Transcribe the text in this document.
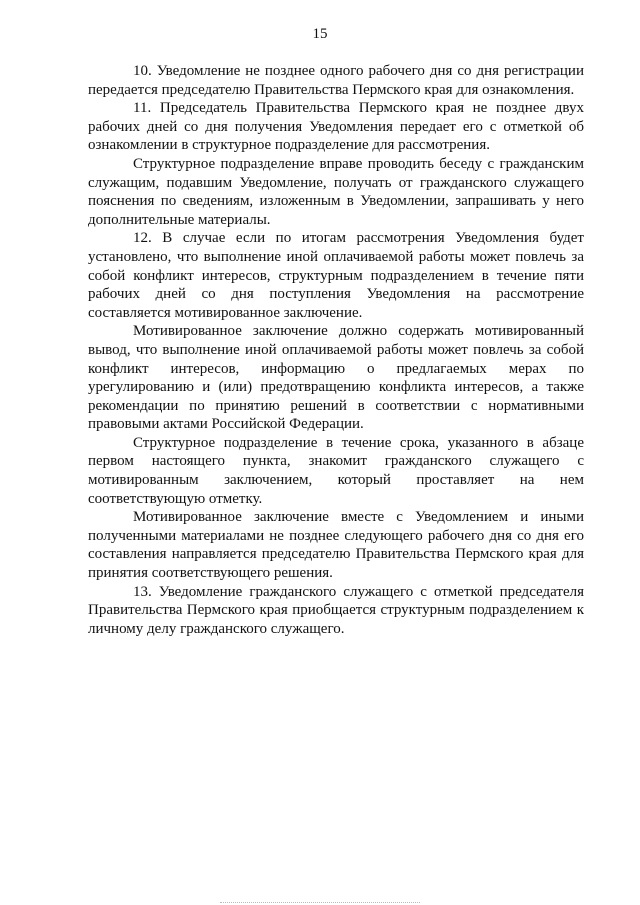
15

10. Уведомление не позднее одного рабочего дня со дня регистрации передается председателю Правительства Пермского края для ознакомления.

11. Председатель Правительства Пермского края не позднее двух рабочих дней со дня получения Уведомления передает его с отметкой об ознакомлении в структурное подразделение для рассмотрения.

Структурное подразделение вправе проводить беседу с гражданским служащим, подавшим Уведомление, получать от гражданского служащего пояснения по сведениям, изложенным в Уведомлении, запрашивать у него дополнительные материалы.

12. В случае если по итогам рассмотрения Уведомления будет установлено, что выполнение иной оплачиваемой работы может повлечь за собой конфликт интересов, структурным подразделением в течение пяти рабочих дней со дня поступления Уведомления на рассмотрение составляется мотивированное заключение.

Мотивированное заключение должно содержать мотивированный вывод, что выполнение иной оплачиваемой работы может повлечь за собой конфликт интересов, информацию о предлагаемых мерах по урегулированию и (или) предотвращению конфликта интересов, а также рекомендации по принятию решений в соответствии с нормативными правовыми актами Российской Федерации.

Структурное подразделение в течение срока, указанного в абзаце первом настоящего пункта, знакомит гражданского служащего с мотивированным заключением, который проставляет на нем соответствующую отметку.

Мотивированное заключение вместе с Уведомлением и иными полученными материалами не позднее следующего рабочего дня со дня его составления направляется председателю Правительства Пермского края для принятия соответствующего решения.

13. Уведомление гражданского служащего с отметкой председателя Правительства Пермского края приобщается структурным подразделением к личному делу гражданского служащего.
